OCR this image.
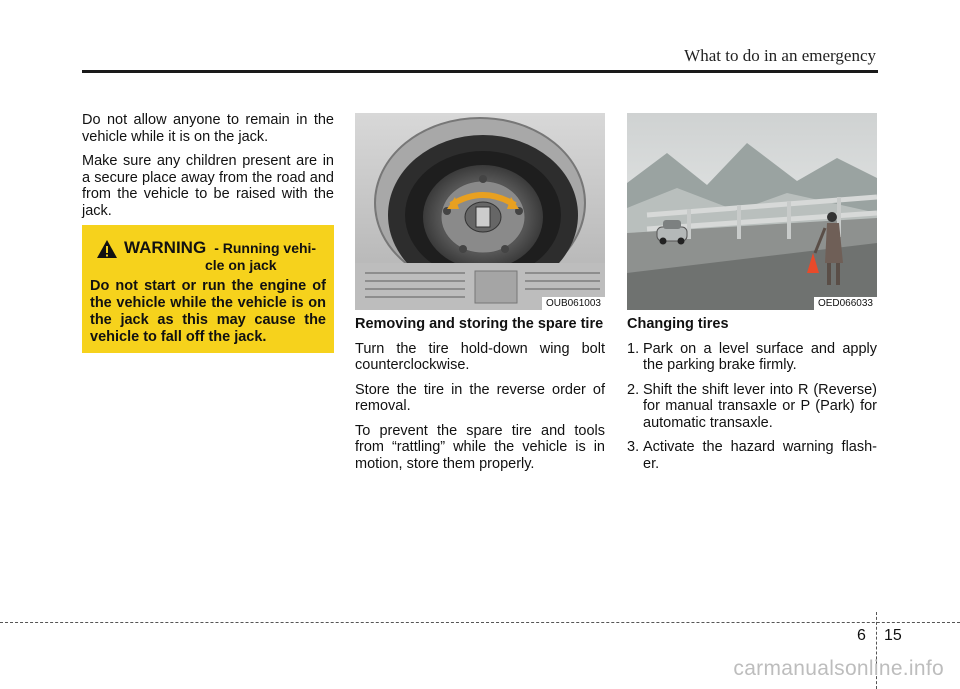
What to do in an emergency

Do not allow anyone to remain in the vehicle while it is on the jack.

Make sure any children present are in a secure place away from the road and from the vehicle to be raised with the jack.

WARNING - Running vehi-
cle on jack
Do not start or run the engine of the vehicle while the vehicle is on the jack as this may cause the vehicle to fall off the jack.
OUB061003	OED066033

Removing and storing the spare tire

Turn the tire hold-down wing bolt counterclockwise.

Store the tire in the reverse order of removal.

To prevent the spare tire and tools from “rattling” while the vehicle is in motion, store them properly.

Changing tires

1. Park on a level surface and apply the parking brake firmly.
2. Shift the shift lever into R (Reverse) for manual transaxle or P (Park) for automatic transaxle.
3. Activate the hazard warning flash-er.
6 15
carmanualsonline.info
